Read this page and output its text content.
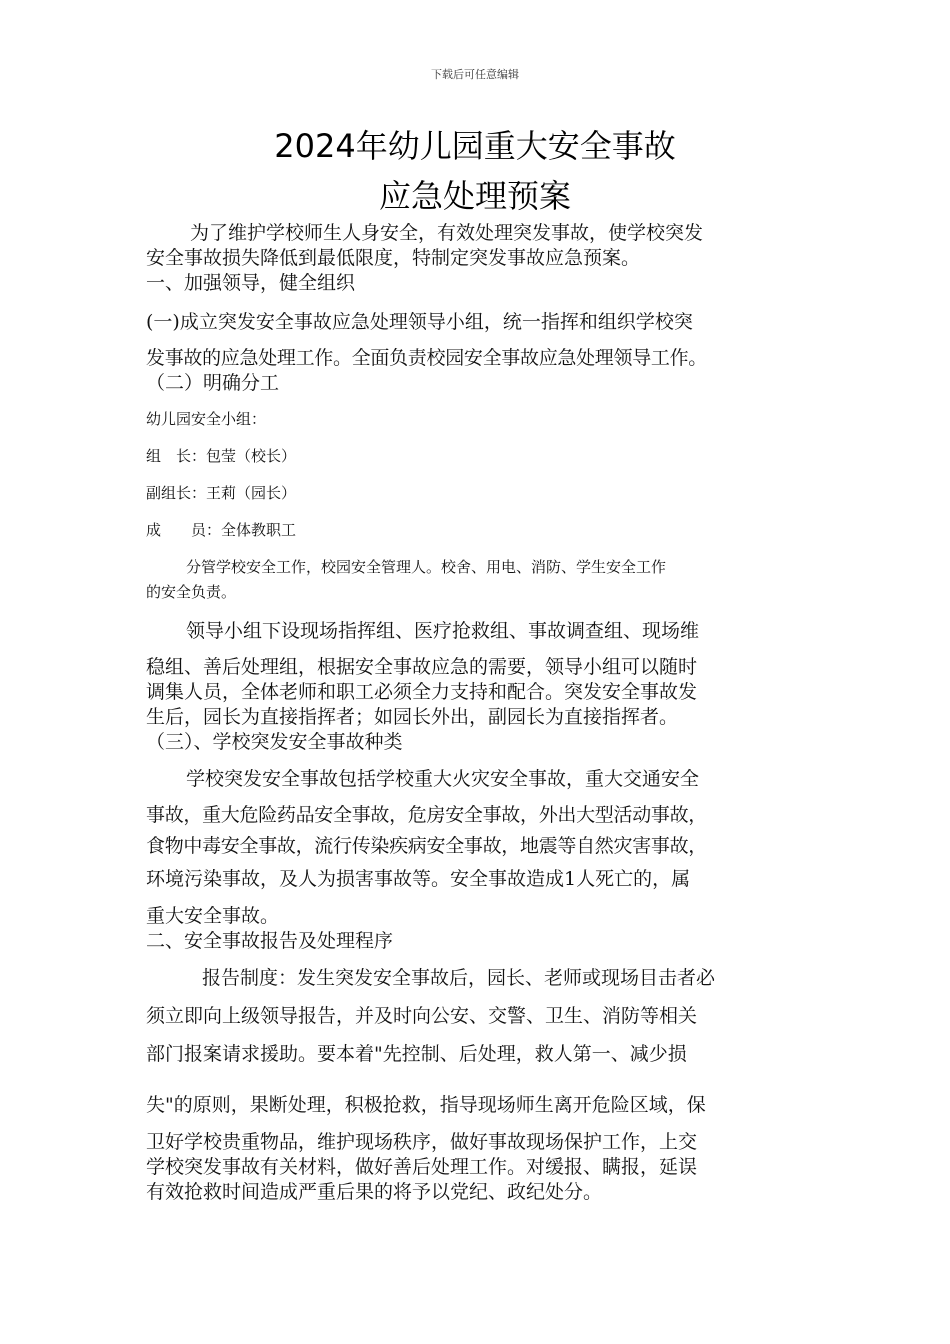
下载后可任意编辑
2024年幼儿园重大安全事故
应急处理预案
为了维护学校师生人身安全，有效处理突发事故，使学校突发
安全事故损失降低到最低限度，特制定突发事故应急预案。
一、加强领导，健全组织
(一)成立突发安全事故应急处理领导小组，统一指挥和组织学校突
发事故的应急处理工作。全面负责校园安全事故应急处理领导工作。
（二）明确分工
幼儿园安全小组：
组　长：包莹（校长）
副组长：王莉（园长）
成　　员：全体教职工
分管学校安全工作，校园安全管理人。校舍、用电、消防、学生安全工作
的安全负责。
领导小组下设现场指挥组、医疗抢救组、事故调查组、现场维
稳组、善后处理组，根据安全事故应急的需要，领导小组可以随时
调集人员，全体老师和职工必须全力支持和配合。突发安全事故发
生后，园长为直接指挥者；如园长外出，副园长为直接指挥者。
（三）、学校突发安全事故种类
学校突发安全事故包括学校重大火灾安全事故，重大交通安全
事故，重大危险药品安全事故，危房安全事故，外出大型活动事故，
食物中毒安全事故，流行传染疾病安全事故，地震等自然灾害事故，
环境污染事故，及人为损害事故等。安全事故造成1人死亡的，属
重大安全事故。
二、安全事故报告及处理程序
报告制度：发生突发安全事故后，园长、老师或现场目击者必
须立即向上级领导报告，并及时向公安、交警、卫生、消防等相关
部门报案请求援助。要本着"先控制、后处理，救人第一、减少损
失"的原则，果断处理，积极抢救，指导现场师生离开危险区域，保
卫好学校贵重物品，维护现场秩序，做好事故现场保护工作，上交
学校突发事故有关材料，做好善后处理工作。对缓报、瞒报，延误
有效抢救时间造成严重后果的将予以党纪、政纪处分。
